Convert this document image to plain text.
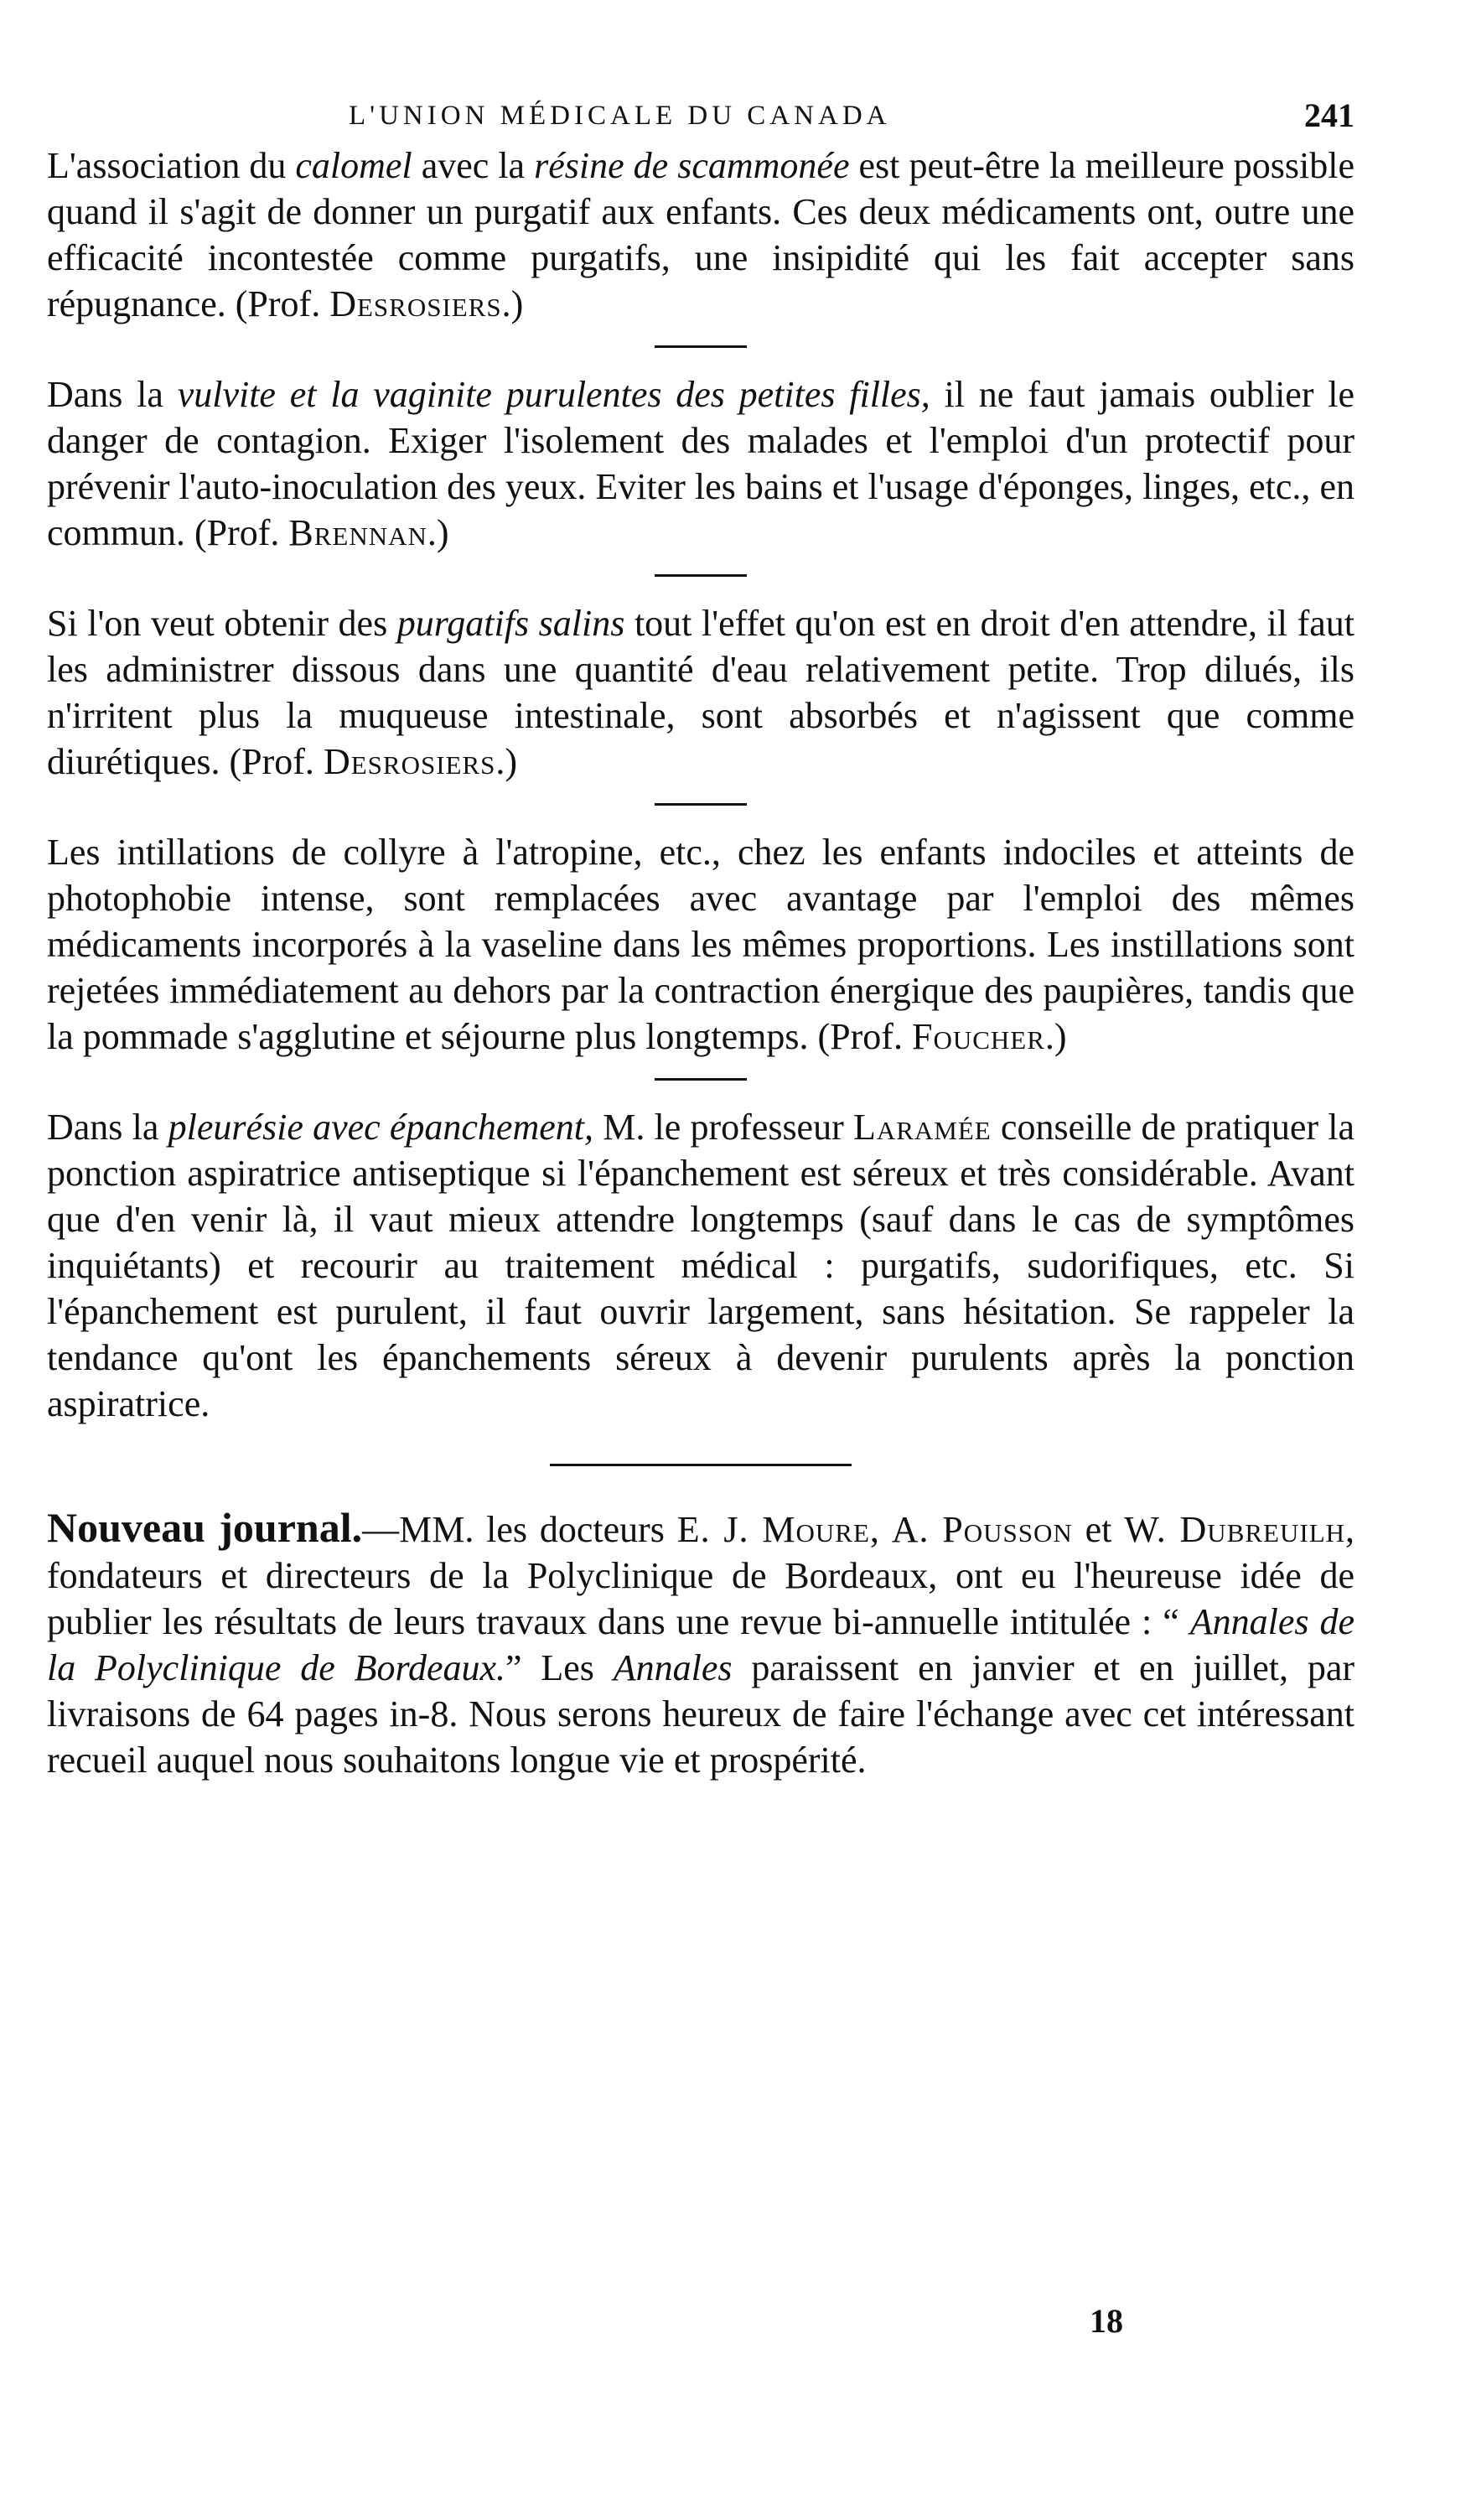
L'UNION MÉDICALE DU CANADA	241

L'association du calomel avec la résine de scammonée est peut-être la meilleure possible quand il s'agit de donner un purgatif aux enfants. Ces deux médicaments ont, outre une efficacité incontestée comme purgatifs, une insipidité qui les fait accepter sans répugnance. (Prof. Desrosiers.)

Dans la vulvite et la vaginite purulentes des petites filles, il ne faut jamais oublier le danger de contagion. Exiger l'isolement des malades et l'emploi d'un protectif pour prévenir l'auto-inoculation des yeux. Eviter les bains et l'usage d'éponges, linges, etc., en commun. (Prof. Brennan.)

Si l'on veut obtenir des purgatifs salins tout l'effet qu'on est en droit d'en attendre, il faut les administrer dissous dans une quantité d'eau relativement petite. Trop dilués, ils n'irritent plus la muqueuse intestinale, sont absorbés et n'agissent que comme diurétiques. (Prof. Desrosiers.)

Les intillations de collyre à l'atropine, etc., chez les enfants indociles et atteints de photophobie intense, sont remplacées avec avantage par l'emploi des mêmes médicaments incorporés à la vaseline dans les mêmes proportions. Les instillations sont rejetées immédiatement au dehors par la contraction énergique des paupières, tandis que la pommade s'agglutine et séjourne plus longtemps. (Prof. Foucher.)

Dans la pleurésie avec épanchement, M. le professeur Laramée conseille de pratiquer la ponction aspiratrice antiseptique si l'épanchement est séreux et très considérable. Avant que d'en venir là, il vaut mieux attendre longtemps (sauf dans le cas de symptômes inquiétants) et recourir au traitement médical : purgatifs, sudorifiques, etc. Si l'épanchement est purulent, il faut ouvrir largement, sans hésitation. Se rappeler la tendance qu'ont les épanchements séreux à devenir purulents après la ponction aspiratrice.

Nouveau journal.—MM. les docteurs E. J. Moure, A. Pousson et W. Dubreuilh, fondateurs et directeurs de la Polyclinique de Bordeaux, ont eu l'heureuse idée de publier les résultats de leurs travaux dans une revue bi-annuelle intitulée : “ Annales de la Polyclinique de Bordeaux.” Les Annales paraissent en janvier et en juillet, par livraisons de 64 pages in-8. Nous serons heureux de faire l'échange avec cet intéressant recueil auquel nous souhaitons longue vie et prospérité.

18
